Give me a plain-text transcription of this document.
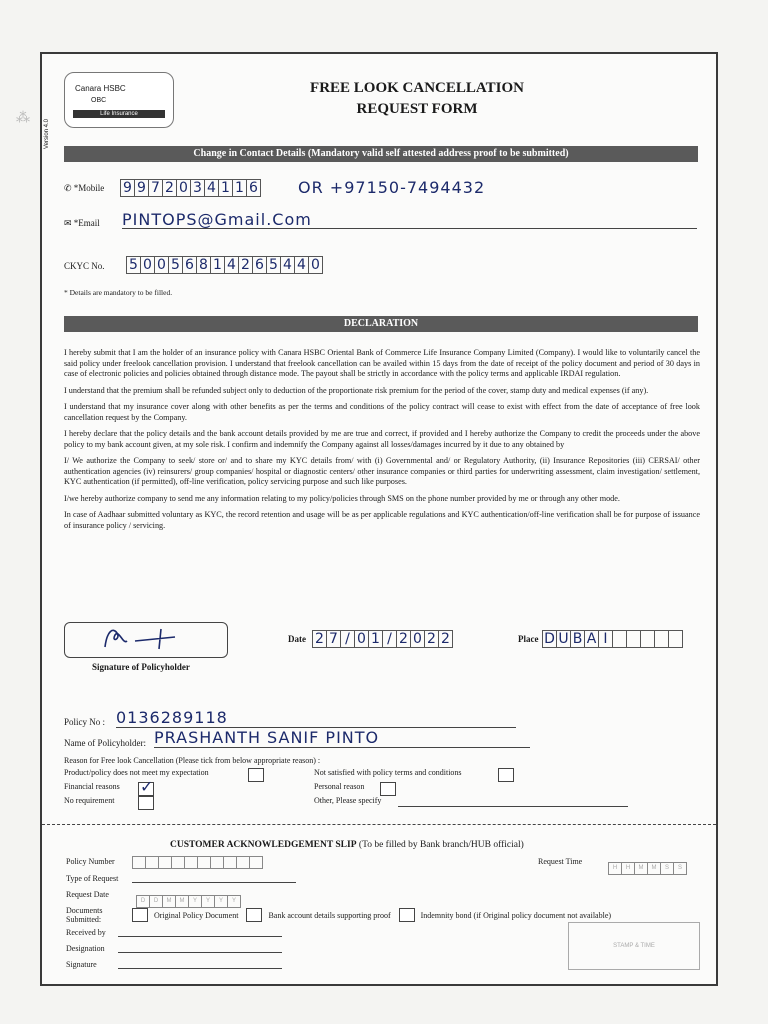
⁂
Canara HSBC
OBC
Life Insurance
FREE LOOK CANCELLATION
REQUEST FORM
Version 4.0
Change in Contact Details (Mandatory valid self attested address proof to be submitted)
✆ *Mobile 9 9 7 2 0 3 4 1 1 6	OR +97150-7494432
✉ *Email PINTOPS@Gmail.Com
CKYC No. 5 0 0 5 6 8 1 4 2 6 5 4 4 0
* Details are mandatory to be filled.
DECLARATION
I hereby submit that I am the holder of an insurance policy with Canara HSBC Oriental Bank of Commerce Life Insurance Company Limited (Company). I would like to voluntarily cancel the said policy under freelook cancellation provision. I understand that freelook cancellation can be availed within 15 days from the date of receipt of the policy document and period of 30 days in case of electronic policies and policies obtained through distance mode. The payout shall be strictly in accordance with the policy terms and applicable IRDAI regulation.
I understand that the premium shall be refunded subject only to deduction of the proportionate risk premium for the period of the cover, stamp duty and medical expenses (if any).
I understand that my insurance cover along with other benefits as per the terms and conditions of the policy contract will cease to exist with effect from the date of acceptance of free look cancellation request by the Company.
I hereby declare that the policy details and the bank account details provided by me are true and correct, if provided and I hereby authorize the Company to credit the proceeds under the above policy to my bank account given, at my sole risk. I confirm and indemnify the Company against all losses/damages incurred by it due to any obtained by
I/ We authorize the Company to seek/ store or/ and to share my KYC details from/ with (i) Governmental and/ or Regulatory Authority, (ii) Insurance Repositories (iii) CERSAI/ other authentication agencies (iv) reinsurers/ group companies/ hospital or diagnostic centers/ other insurance companies or third parties for underwriting assessment, claim investigation/ settlement, KYC authentication (if permitted), off-line verification, policy servicing purpose and such like purposes.
I/we hereby authorize company to send me any information relating to my policy/policies through SMS on the phone number provided by me or through any other mode.
In case of Aadhaar submitted voluntary as KYC, the record retention and usage will be as per applicable regulations and KYC authentication/off-line verification shall be for purpose of issuance of insurance policy / servicing.
Signature of Policyholder
Date 2 7 / 0 1 / 2 0 2 2	Place D U B A I
Policy No : 0136289118
Name of Policyholder: PRASHANTH SANIF PINTO
Reason for Free look Cancellation (Please tick from below appropriate reason) :
Product/policy does not meet my expectation
Financial reasons ✓
No requirement
Not satisfied with policy terms and conditions
Personal reason
Other, Please specify
CUSTOMER ACKNOWLEDGEMENT SLIP (To be filled by Bank branch/HUB official)
Policy Number	Request Time
H H M M S S
Type of Request
Request Date
D D M M Y Y Y Y
Documents Submitted:	Original Policy Document	Bank account details supporting proof	Indemnity bond (if Original policy document not available)
Received by
Designation
Signature
STAMP & TIME
